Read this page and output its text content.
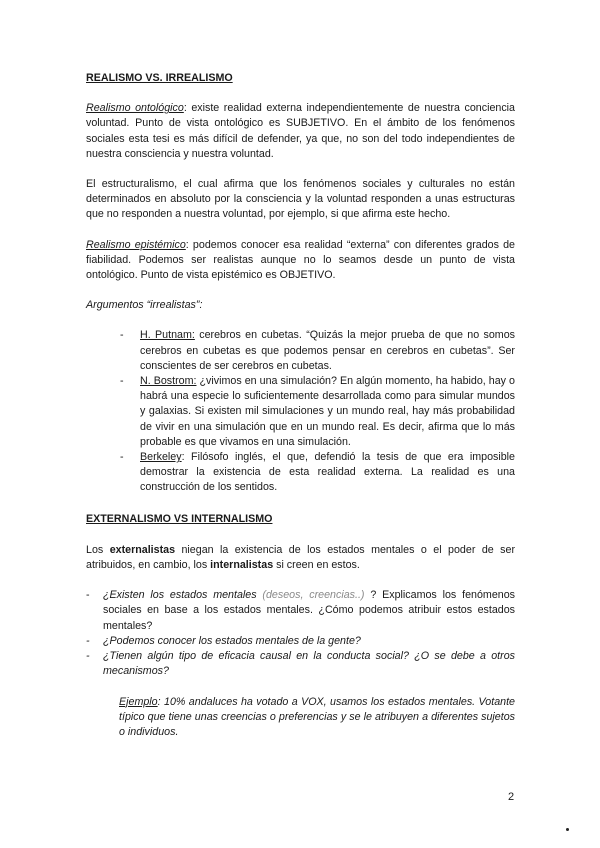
REALISMO VS. IRREALISMO

Realismo ontológico: existe realidad externa independientemente de nuestra conciencia voluntad. Punto de vista ontológico es SUBJETIVO. En el ámbito de los fenómenos sociales esta tesi es más difícil de defender, ya que, no son del todo independientes de nuestra consciencia y nuestra voluntad.

El estructuralismo, el cual afirma que los fenómenos sociales y culturales no están determinados en absoluto por la consciencia y la voluntad responden a unas estructuras que no responden a nuestra voluntad, por ejemplo, si que afirma este hecho.

Realismo epistémico: podemos conocer esa realidad “externa” con diferentes grados de fiabilidad. Podemos ser realistas aunque no lo seamos desde un punto de vista ontológico. Punto de vista epistémico es OBJETIVO.

Argumentos “irrealistas”:

- H. Putnam: cerebros en cubetas. “Quizás la mejor prueba de que no somos cerebros en cubetas es que podemos pensar en cerebros en cubetas”. Ser conscientes de ser cerebros en cubetas.
- N. Bostrom: ¿vivimos en una simulación? En algún momento, ha habido, hay o habrá una especie lo suficientemente desarrollada como para simular mundos y galaxias. Si existen mil simulaciones y un mundo real, hay más probabilidad de vivir en una simulación que en un mundo real. Es decir, afirma que lo más probable es que vivamos en una simulación.
- Berkeley: Filósofo inglés, el que, defendió la tesis de que era imposible demostrar la existencia de esta realidad externa. La realidad es una construcción de los sentidos.

EXTERNALISMO VS INTERNALISMO

Los externalistas niegan la existencia de los estados mentales o el poder de ser atribuidos, en cambio, los internalistas si creen en estos.

- ¿Existen los estados mentales (deseos, creencias..) ? Explicamos los fenómenos sociales en base a los estados mentales. ¿Cómo podemos atribuir estos estados mentales?
- ¿Podemos conocer los estados mentales de la gente?
- ¿Tienen algún tipo de eficacia causal en la conducta social? ¿O se debe a otros mecanismos?

Ejemplo: 10% andaluces ha votado a VOX, usamos los estados mentales. Votante típico que tiene unas creencias o preferencias y se le atribuyen a diferentes sujetos o individuos.

2
